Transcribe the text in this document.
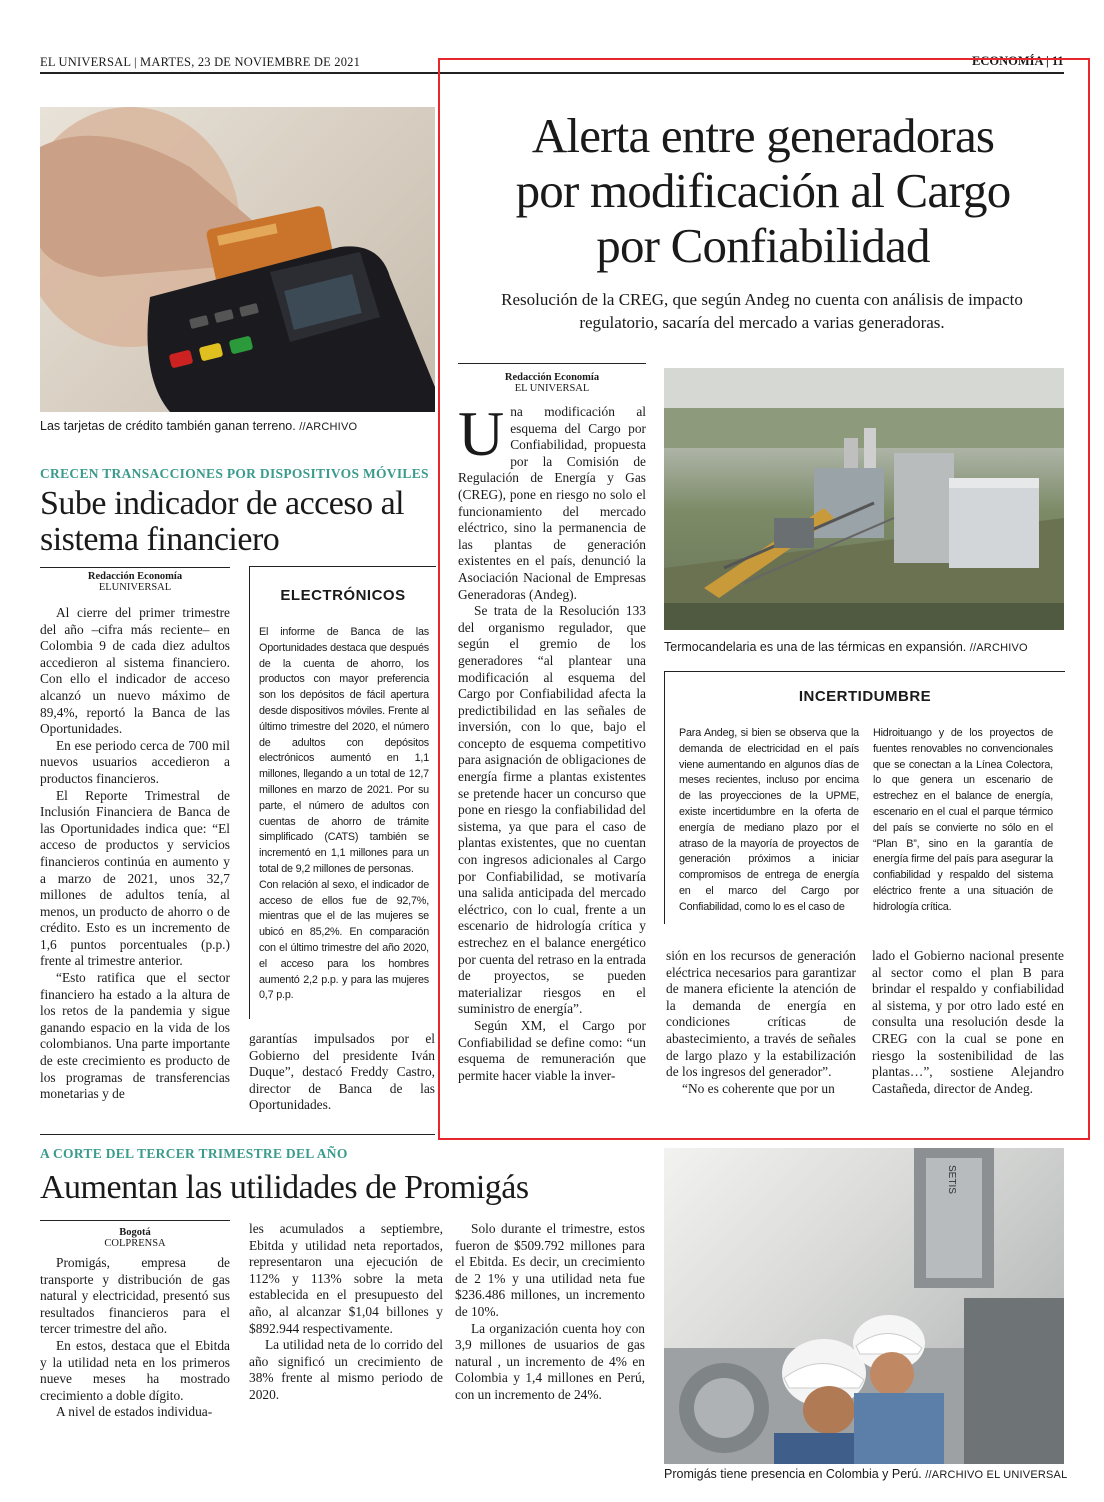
EL UNIVERSAL | MARTES, 23 DE NOVIEMBRE DE 2021	ECONOMÍA | 11
Las tarjetas de crédito también ganan terreno. //ARCHIVO
CRECEN TRANSACCIONES POR DISPOSITIVOS MÓVILES
Sube indicador de acceso al sistema financiero
Redacción Economía
ELUNIVERSAL

Al cierre del primer trimestre del año –cifra más reciente– en Colombia 9 de cada diez adultos accedieron al sistema financiero. Con ello el indicador de acceso alcanzó un nuevo máximo de 89,4%, reportó la Banca de las Oportunidades.

En ese periodo cerca de 700 mil nuevos usuarios accedieron a productos financieros.

El Reporte Trimestral de Inclusión Financiera de Banca de las Oportunidades indica que: “El acceso de productos y servicios financieros continúa en aumento y a marzo de 2021, unos 32,7 millones de adultos tenía, al menos, un producto de ahorro o de crédito. Esto es un incremento de 1,6 puntos porcentuales (p.p.) frente al trimestre anterior.

“Esto ratifica que el sector financiero ha estado a la altura de los retos de la pandemia y sigue ganando espacio en la vida de los colombianos. Una parte importante de este crecimiento es producto de los programas de transferencias monetarias y de

ELECTRÓNICOS

El informe de Banca de las Oportunidades destaca que después de la cuenta de ahorro, los productos con mayor preferencia son los depósitos de fácil apertura desde dispositivos móviles. Frente al último trimestre del 2020, el número de adultos con depósitos electrónicos aumentó en 1,1 millones, llegando a un total de 12,7 millones en marzo de 2021. Por su parte, el número de adultos con cuentas de ahorro de trámite simplificado (CATS) también se incrementó en 1,1 millones para un total de 9,2 millones de personas.

Con relación al sexo, el indicador de acceso de ellos fue de 92,7%, mientras que el de las mujeres se ubicó en 85,2%. En comparación con el último trimestre del año 2020, el acceso para los hombres aumentó 2,2 p.p. y para las mujeres 0,7 p.p.

garantías impulsados por el Gobierno del presidente Iván Duque”, destacó Freddy Castro, director de Banca de las Oportunidades.

Alerta entre generadoras
por modificación al Cargo
por Confiabilidad
Resolución de la CREG, que según Andeg no cuenta con análisis de impacto regulatorio, sacaría del mercado a varias generadoras.
Redacción Economía
EL UNIVERSAL

Una modificación al esquema del Cargo por Confiabilidad, propuesta por la Comisión de Regulación de Energía y Gas (CREG), pone en riesgo no solo el funcionamiento del mercado eléctrico, sino la permanencia de las plantas de generación existentes en el país, denunció la Asociación Nacional de Empresas Generadoras (Andeg).

Se trata de la Resolución 133 del organismo regulador, que según el gremio de los generadores “al plantear una modificación al esquema del Cargo por Confiabilidad afecta la predictibilidad en las señales de inversión, con lo que, bajo el concepto de esquema competitivo para asignación de obligaciones de energía firme a plantas existentes se pretende hacer un concurso que pone en riesgo la confiabilidad del sistema, ya que para el caso de plantas existentes, que no cuentan con ingresos adicionales al Cargo por Confiabilidad, se motivaría una salida anticipada del mercado eléctrico, con lo cual, frente a un escenario de hidrología crítica y estrechez en el balance energético por cuenta del retraso en la entrada de proyectos, se pueden materializar riesgos en el suministro de energía”.

Según XM, el Cargo por Confiabilidad se define como: “un esquema de remuneración que permite hacer viable la inver-

Termocandelaria es una de las térmicas en expansión. //ARCHIVO
INCERTIDUMBRE

Para Andeg, si bien se observa que la demanda de electricidad en el país viene aumentando en algunos días de meses recientes, incluso por encima de las proyecciones de la UPME, existe incertidumbre en la oferta de energía de mediano plazo por el atraso de la mayoría de proyectos de generación próximos a iniciar compromisos de entrega de energía en el marco del Cargo por Confiabilidad, como lo es el caso de

Hidroituango y de los proyectos de fuentes renovables no convencionales que se conectan a la Línea Colectora, lo que genera un escenario de estrechez en el balance de energía, escenario en el cual el parque térmico del país se convierte no sólo en el “Plan B”, sino en la garantía de energía firme del país para asegurar la confiabilidad y respaldo del sistema eléctrico frente a una situación de hidrología crítica.

sión en los recursos de generación eléctrica necesarios para garantizar de manera eficiente la atención de la demanda de energía en condiciones críticas de abastecimiento, a través de señales de largo plazo y la estabilización de los ingresos del generador”.

“No es coherente que por un

lado el Gobierno nacional presente al sector como el plan B para brindar el respaldo y confiabilidad al sistema, y por otro lado esté en consulta una resolución desde la CREG con la cual se pone en riesgo la sostenibilidad de las plantas…”, sostiene Alejandro Castañeda, director de Andeg.

A CORTE DEL TERCER TRIMESTRE DEL AÑO
Aumentan las utilidades de Promigás
Bogotá
COLPRENSA

Promigás, empresa de transporte y distribución de gas natural y electricidad, presentó sus resultados financieros para el tercer trimestre del año.

En estos, destaca que el Ebitda y la utilidad neta en los primeros nueve meses ha mostrado crecimiento a doble dígito.

A nivel de estados individua-

les acumulados a septiembre, Ebitda y utilidad neta reportados, representaron una ejecución de 112% y 113% sobre la meta establecida en el presupuesto del año, al alcanzar $1,04 billones y $892.944 respectivamente.

La utilidad neta de lo corrido del año significó un crecimiento de 38% frente al mismo periodo de 2020.

Solo durante el trimestre, estos fueron de $509.792 millones para el Ebitda. Es decir, un crecimiento de 2 1% y una utilidad neta fue $236.486 millones, un incremento de 10%.

La organización cuenta hoy con 3,9 millones de usuarios de gas natural , un incremento de 4% en Colombia y 1,4 millones en Perú, con un incremento de 24%.

SETIS
Promigás tiene presencia en Colombia y Perú. //ARCHIVO EL UNIVERSAL
